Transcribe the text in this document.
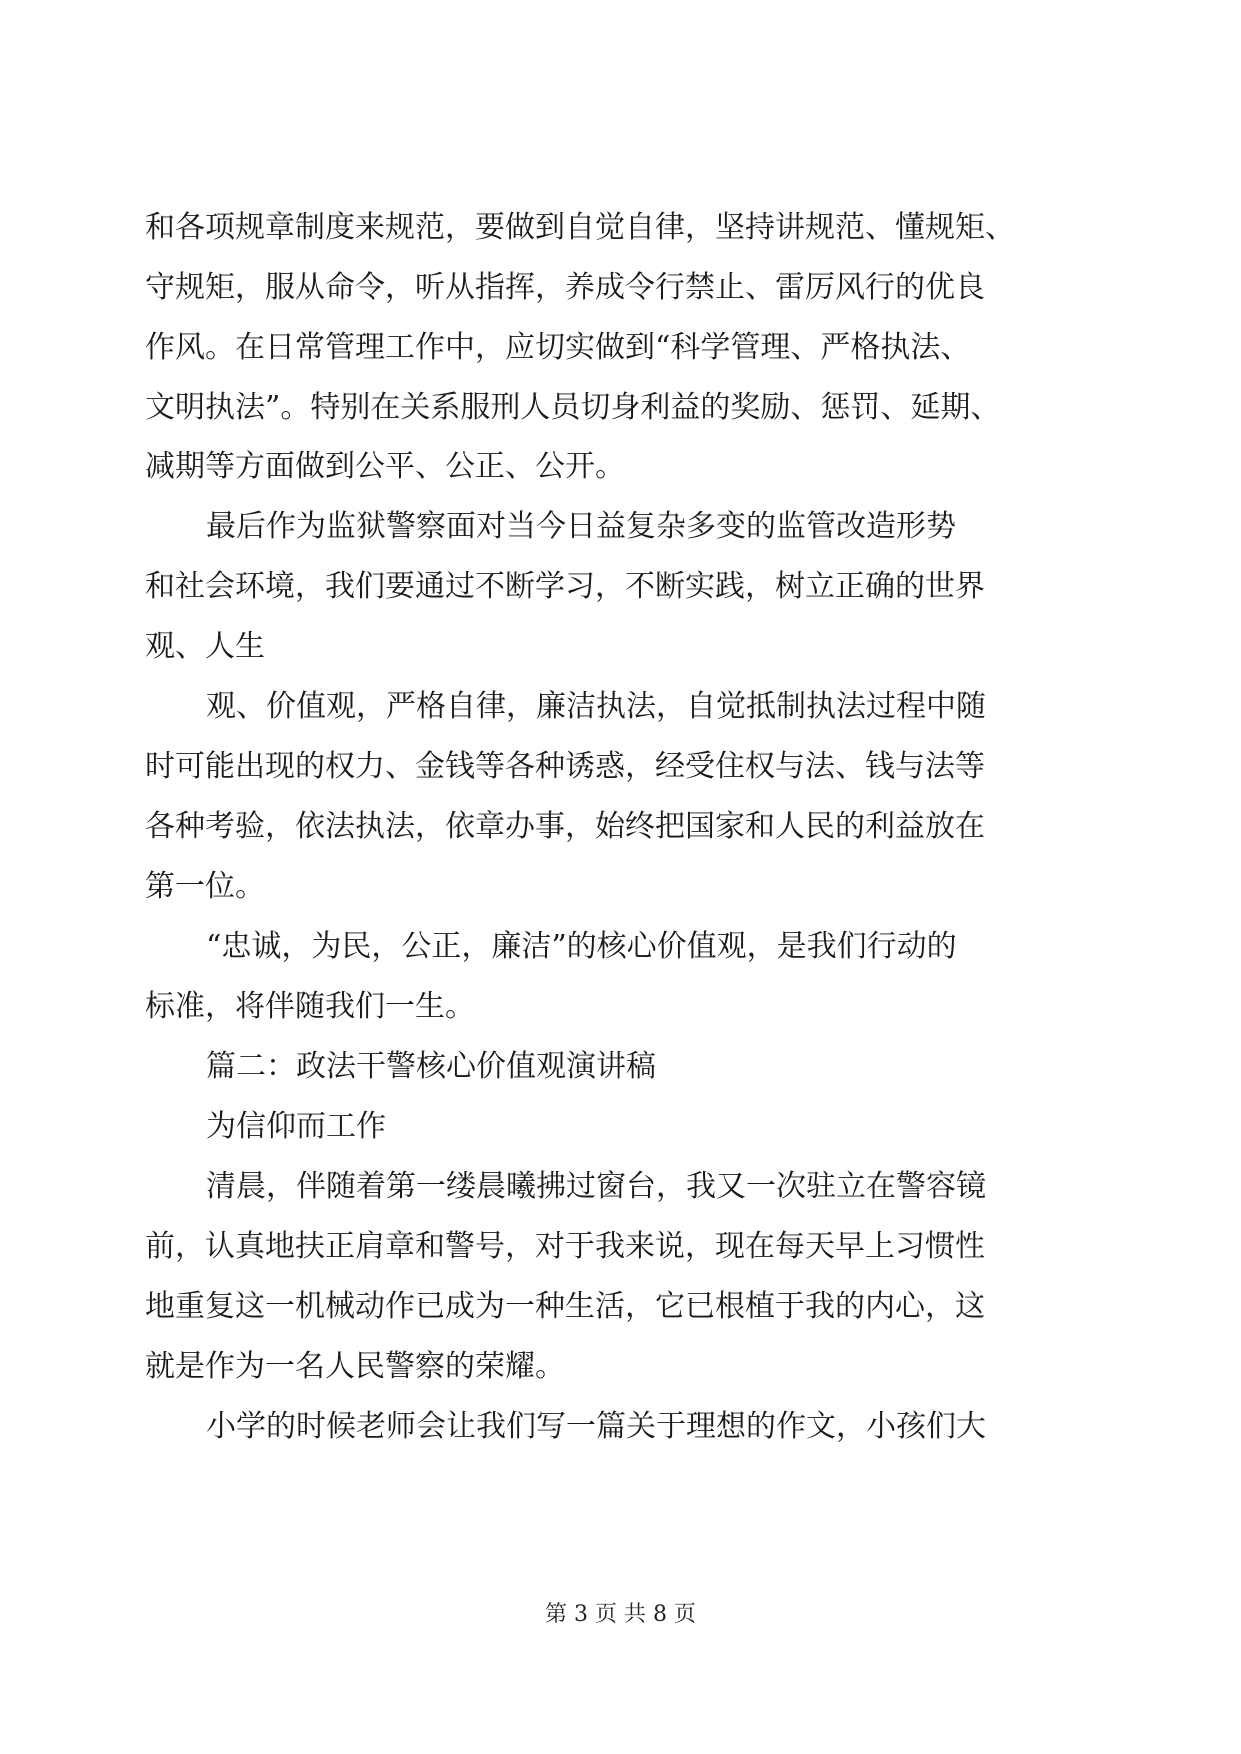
和各项规章制度来规范，要做到自觉自律，坚持讲规范、懂规矩、
守规矩，服从命令，听从指挥，养成令行禁止、雷厉风行的优良
作风。在日常管理工作中，应切实做到“科学管理、严格执法、
文明执法”。特别在关系服刑人员切身利益的奖励、惩罚、延期、
减期等方面做到公平、公正、公开。
最后作为监狱警察面对当今日益复杂多变的监管改造形势
和社会环境，我们要通过不断学习，不断实践，树立正确的世界
观、人生
观、价值观，严格自律，廉洁执法，自觉抵制执法过程中随
时可能出现的权力、金钱等各种诱惑，经受住权与法、钱与法等
各种考验，依法执法，依章办事，始终把国家和人民的利益放在
第一位。
“忠诚，为民，公正，廉洁”的核心价值观，是我们行动的
标准，将伴随我们一生。
篇二：政法干警核心价值观演讲稿
为信仰而工作
清晨，伴随着第一缕晨曦拂过窗台，我又一次驻立在警容镜
前，认真地扶正肩章和警号，对于我来说，现在每天早上习惯性
地重复这一机械动作已成为一种生活，它已根植于我的内心，这
就是作为一名人民警察的荣耀。
小学的时候老师会让我们写一篇关于理想的作文，小孩们大
第 3 页 共 8 页
